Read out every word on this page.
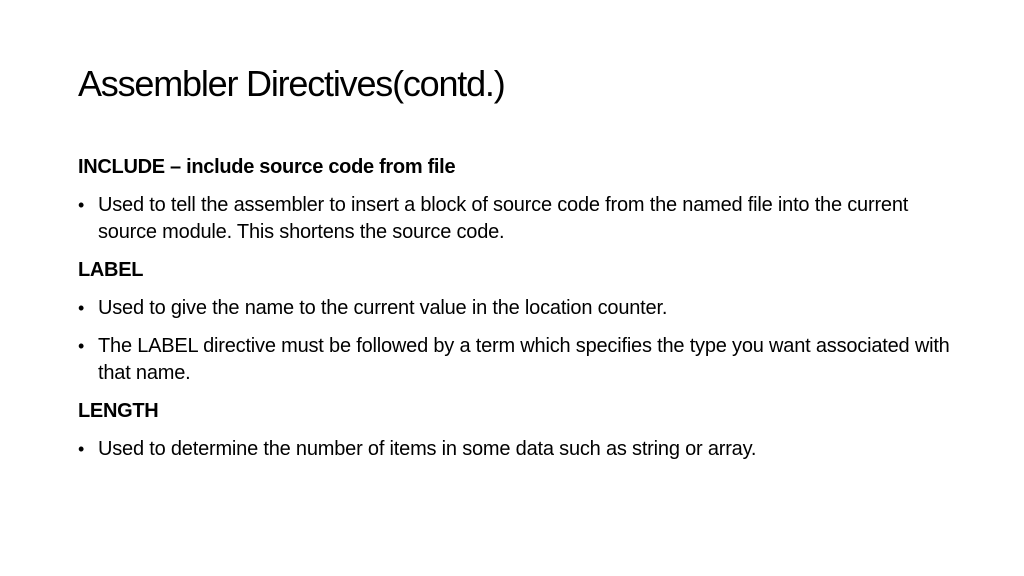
Assembler Directives(contd.)

INCLUDE – include source code from file

• Used to tell the assembler to insert a block of source code from the named file into the current source module. This shortens the source code.

LABEL

• Used to give the name to the current value in the location counter.
• The LABEL directive must be followed by a term which specifies the type you want associated with that name.

LENGTH

• Used to determine the number of items in some data such as string or array.
